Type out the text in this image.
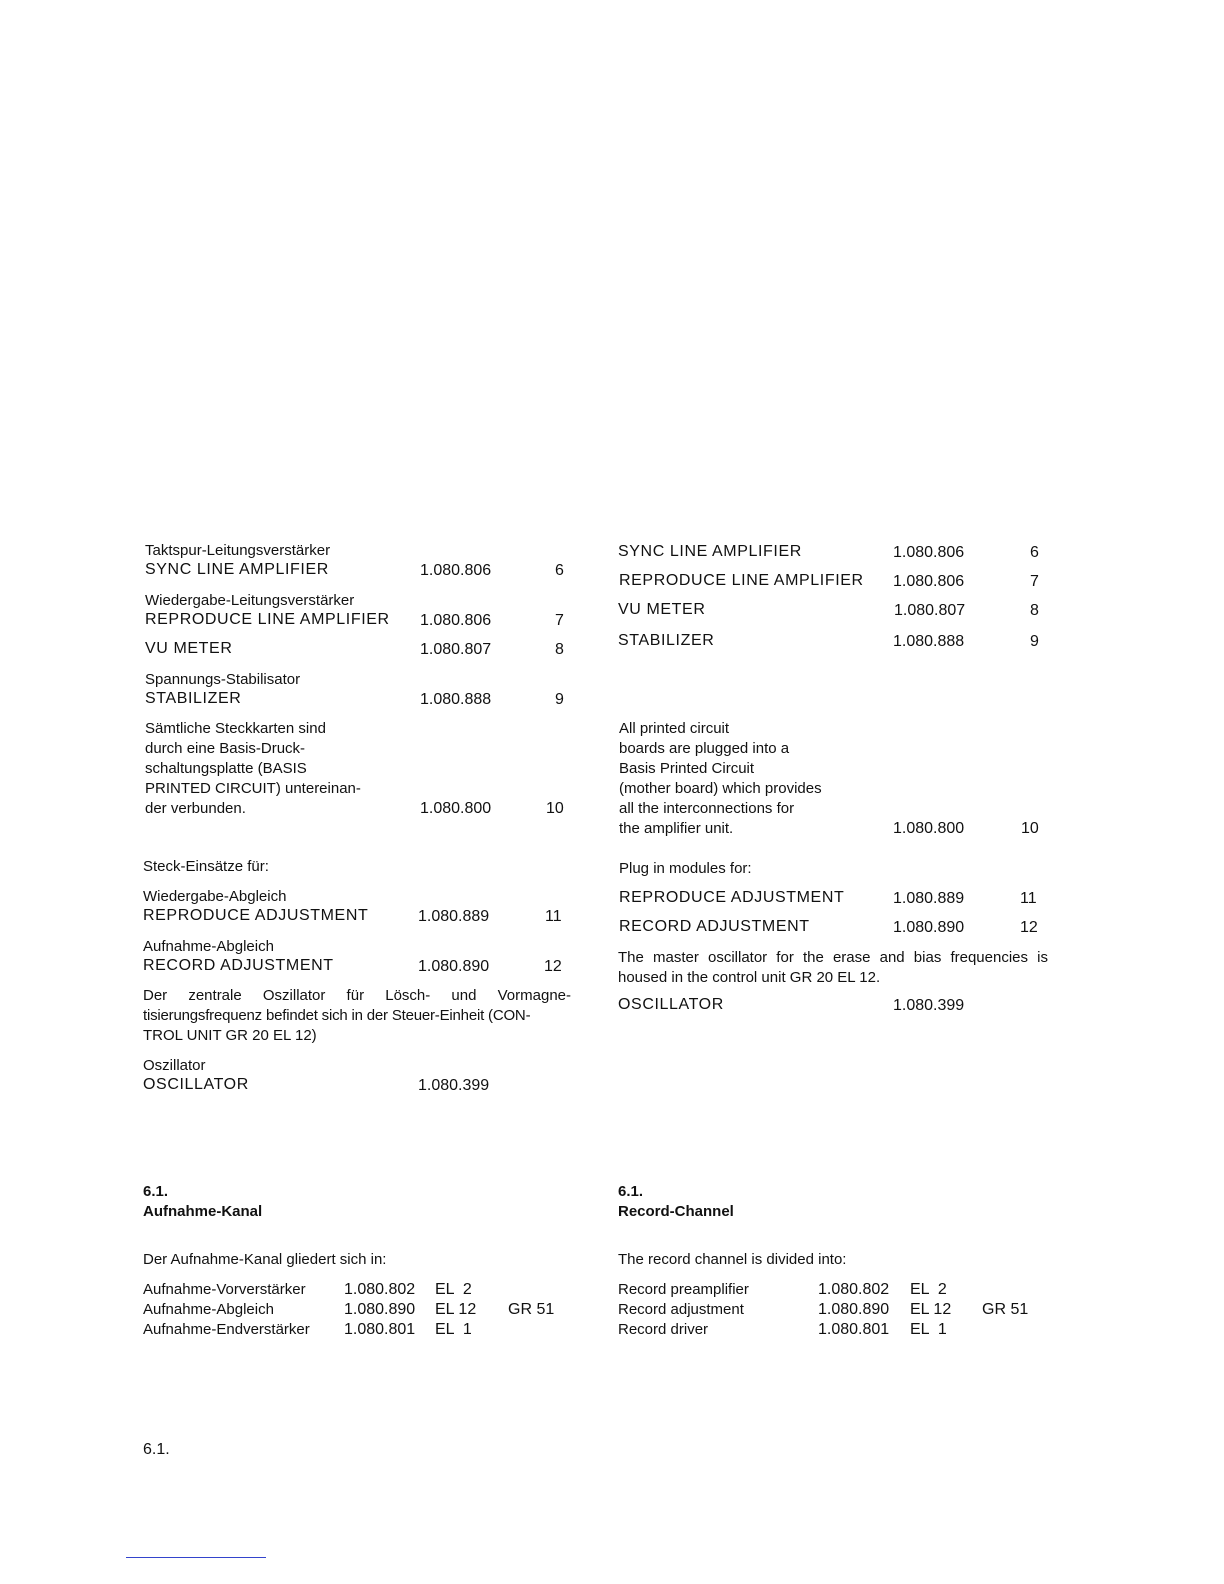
Taktspur-Leitungsverstärker
SYNC LINE AMPLIFIER	1.080.806	6
Wiedergabe-Leitungsverstärker
REPRODUCE LINE AMPLIFIER 1.080.806	7
VU METER	1.080.807	8
Spannungs-Stabilisator
STABILIZER	1.080.888	9
Sämtliche Steckkarten sind
durch eine Basis-Druck-
schaltungsplatte (BASIS
PRINTED CIRCUIT) untereinan-
der verbunden.	1.080.800	10
Steck-Einsätze für:
Wiedergabe-Abgleich
REPRODUCE ADJUSTMENT	1.080.889	11
Aufnahme-Abgleich
RECORD ADJUSTMENT	1.080.890	12
Der zentrale Oszillator für Lösch- und Vormagne-
tisierungsfrequenz befindet sich in der Steuer-Einheit (CON-
TROL UNIT GR 20 EL 12)
Oszillator
OSCILLATOR	1.080.399
6.1.
Aufnahme-Kanal
Der Aufnahme-Kanal gliedert sich in:
Aufnahme-Vorverstärker 1.080.802 EL  2
Aufnahme-Abgleich	1.080.890 EL 12 GR 51
Aufnahme-Endverstärker 1.080.801 EL  1
SYNC LINE AMPLIFIER	1.080.806	6
REPRODUCE LINE AMPLIFIER 1.080.806	7
VU METER	1.080.807	8
STABILIZER	1.080.888	9
All printed circuit
boards are plugged into a
Basis Printed Circuit
(mother board) which provides
all the interconnections for
the amplifier unit.	1.080.800	10
Plug in modules for:
REPRODUCE ADJUSTMENT	1.080.889	11
RECORD ADJUSTMENT	1.080.890	12
The master oscillator for the erase and bias frequencies is
housed in the control unit GR 20 EL 12.
OSCILLATOR	1.080.399
6.1.
Record-Channel
The record channel is divided into:
Record preamplifier	1.080.802 EL  2
Record adjustment	1.080.890 EL 12 GR 51
Record driver	1.080.801 EL  1
6.1.
